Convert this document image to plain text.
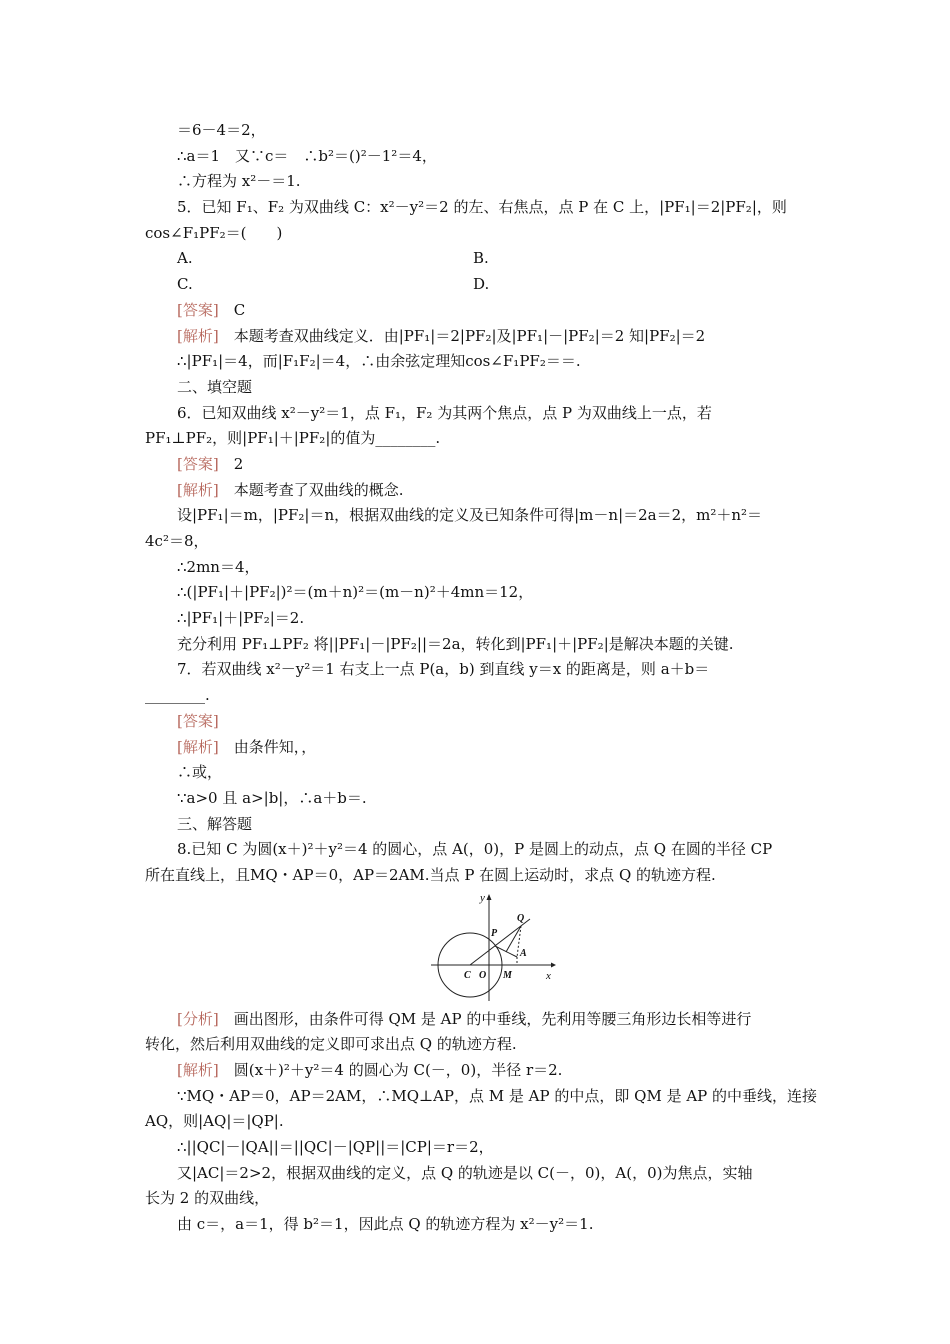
＝6－4＝2，
∴a＝1　又∵c＝　∴b²＝()²－1²＝4，
∴方程为 x²－＝1.
5．已知 F₁、F₂ 为双曲线 C：x²－y²＝2 的左、右焦点，点 P 在 C 上，|PF₁|＝2|PF₂|，则
cos∠F₁PF₂＝(　　)
A.	B.
C.	D.
[答案]　C
[解析]　本题考查双曲线定义．由|PF₁|＝2|PF₂|及|PF₁|－|PF₂|＝2 知|PF₂|＝2
∴|PF₁|＝4，而|F₁F₂|＝4，∴由余弦定理知cos∠F₁PF₂＝＝.
二、填空题
6．已知双曲线 x²－y²＝1，点 F₁，F₂ 为其两个焦点，点 P 为双曲线上一点，若
PF₁⊥PF₂，则|PF₁|＋|PF₂|的值为________.
[答案]　2
[解析]　本题考查了双曲线的概念.
设|PF₁|＝m，|PF₂|＝n，根据双曲线的定义及已知条件可得|m－n|＝2a＝2，m²＋n²＝
4c²＝8，
∴2mn＝4，
∴(|PF₁|＋|PF₂|)²＝(m＋n)²＝(m－n)²＋4mn＝12，
∴|PF₁|＋|PF₂|＝2.
充分利用 PF₁⊥PF₂ 将||PF₁|－|PF₂||＝2a，转化到|PF₁|＋|PF₂|是解决本题的关键.
7．若双曲线 x²－y²＝1 右支上一点 P(a，b) 到直线 y＝x 的距离是，则 a＋b＝
________.
[答案]
[解析]　由条件知，，
∴或，
∵a>0 且 a>|b|，∴a＋b＝.
三、解答题
8.已知 C 为圆(x＋)²＋y²＝4 的圆心，点 A(，0)，P 是圆上的动点，点 Q 在圆的半径 CP
所在直线上，且MQ・AP＝0，AP＝2AM.当点 P 在圆上运动时，求点 Q 的轨迹方程.
y
x
P
Q
A
C O M
[分析]　画出图形，由条件可得 QM 是 AP 的中垂线，先利用等腰三角形边长相等进行
转化，然后利用双曲线的定义即可求出点 Q 的轨迹方程.
[解析]　圆(x＋)²＋y²＝4 的圆心为 C(－，0)，半径 r＝2.
∵MQ・AP＝0，AP＝2AM，∴MQ⊥AP，点 M 是 AP 的中点，即 QM 是 AP 的中垂线，连接
AQ，则|AQ|＝|QP|.
∴||QC|－|QA||＝||QC|－|QP||＝|CP|＝r＝2，
又|AC|＝2>2，根据双曲线的定义，点 Q 的轨迹是以 C(－，0)，A(，0)为焦点，实轴
长为 2 的双曲线，
由 c＝，a＝1，得 b²＝1，因此点 Q 的轨迹方程为 x²－y²＝1.
